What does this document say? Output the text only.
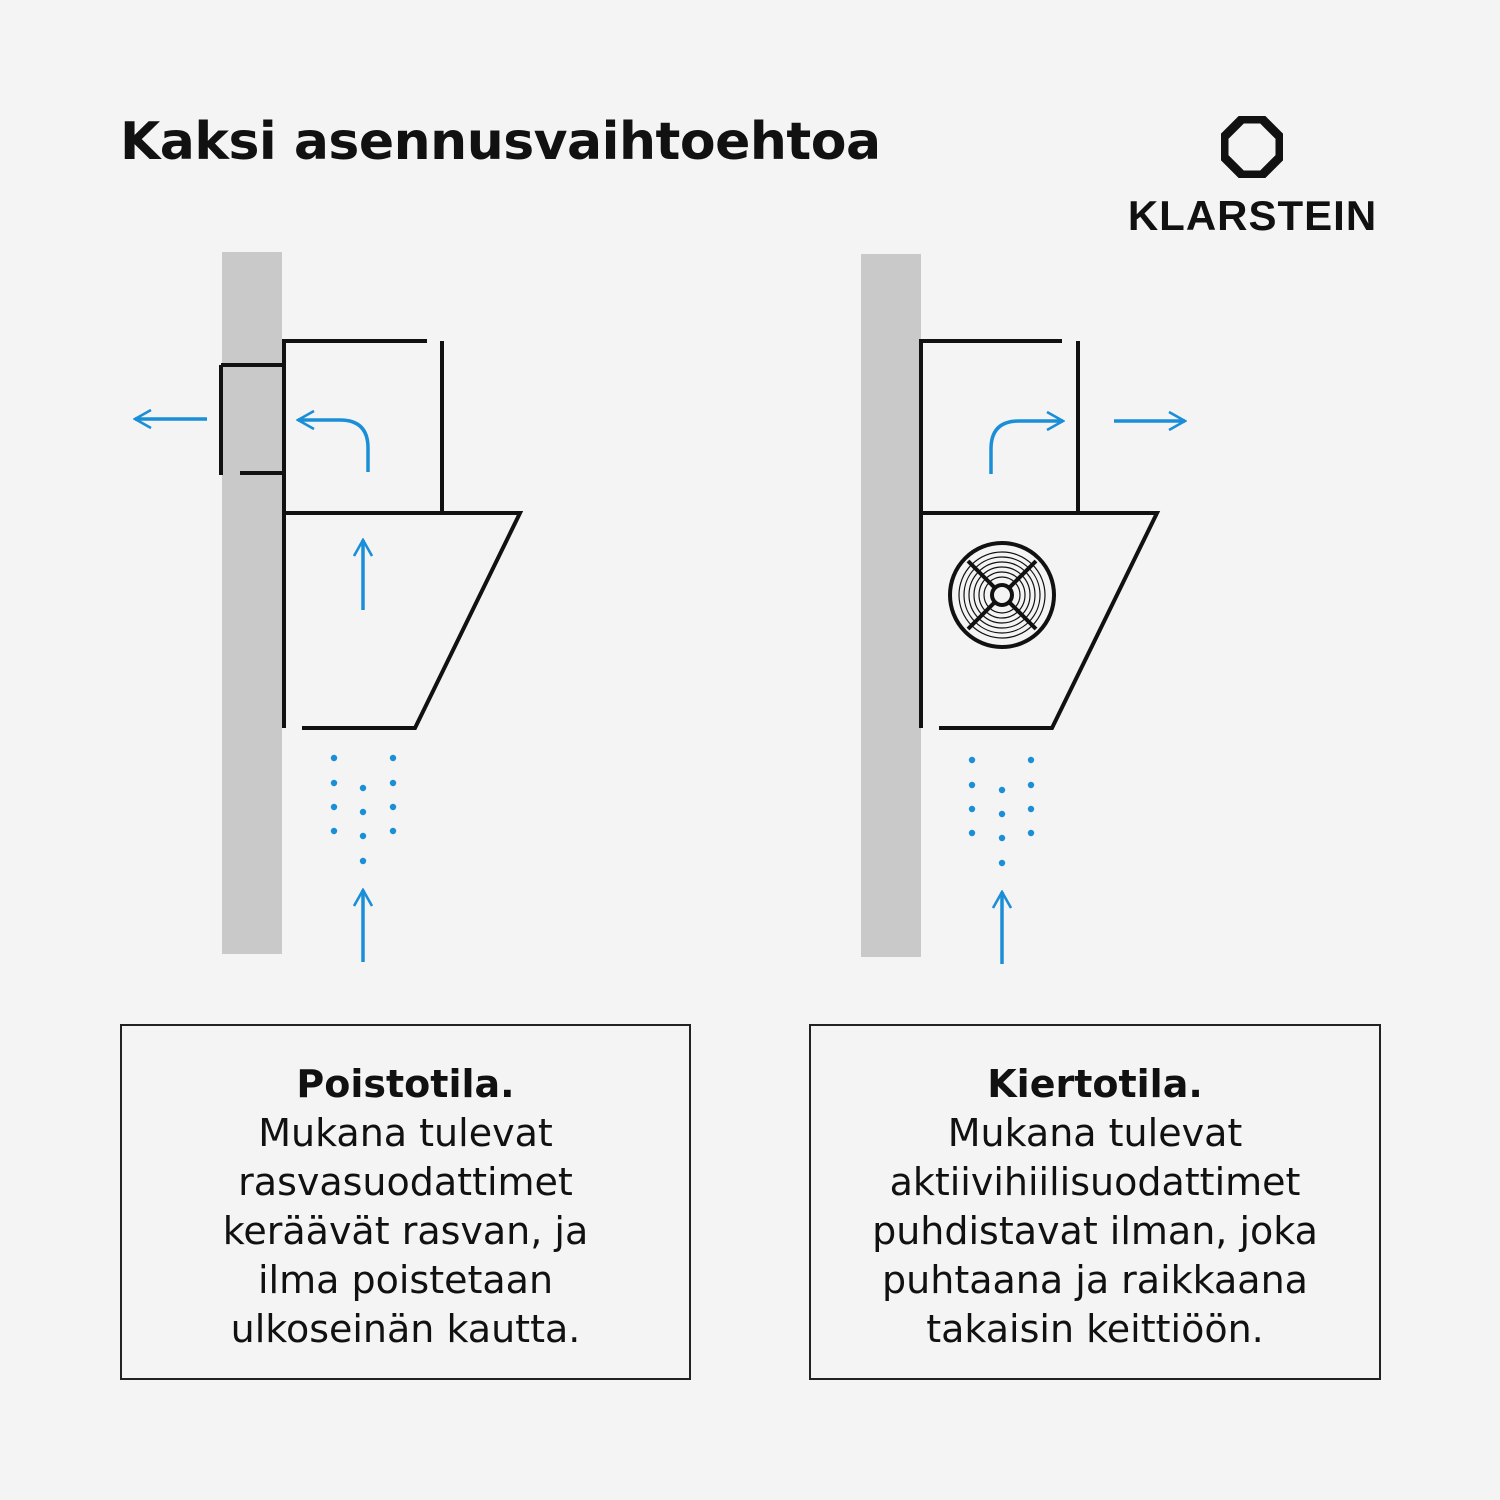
Kaksi asennusvaihtoehtoa
KLARSTEIN
Poistotila.
Mukana tulevat
rasvasuodattimet
keräävät rasvan, ja
ilma poistetaan
ulkoseinän kautta.
Kiertotila.
Mukana tulevat
aktiivihiilisuodattimet
puhdistavat ilman, joka
puhtaana ja raikkaana
takaisin keittiöön.
